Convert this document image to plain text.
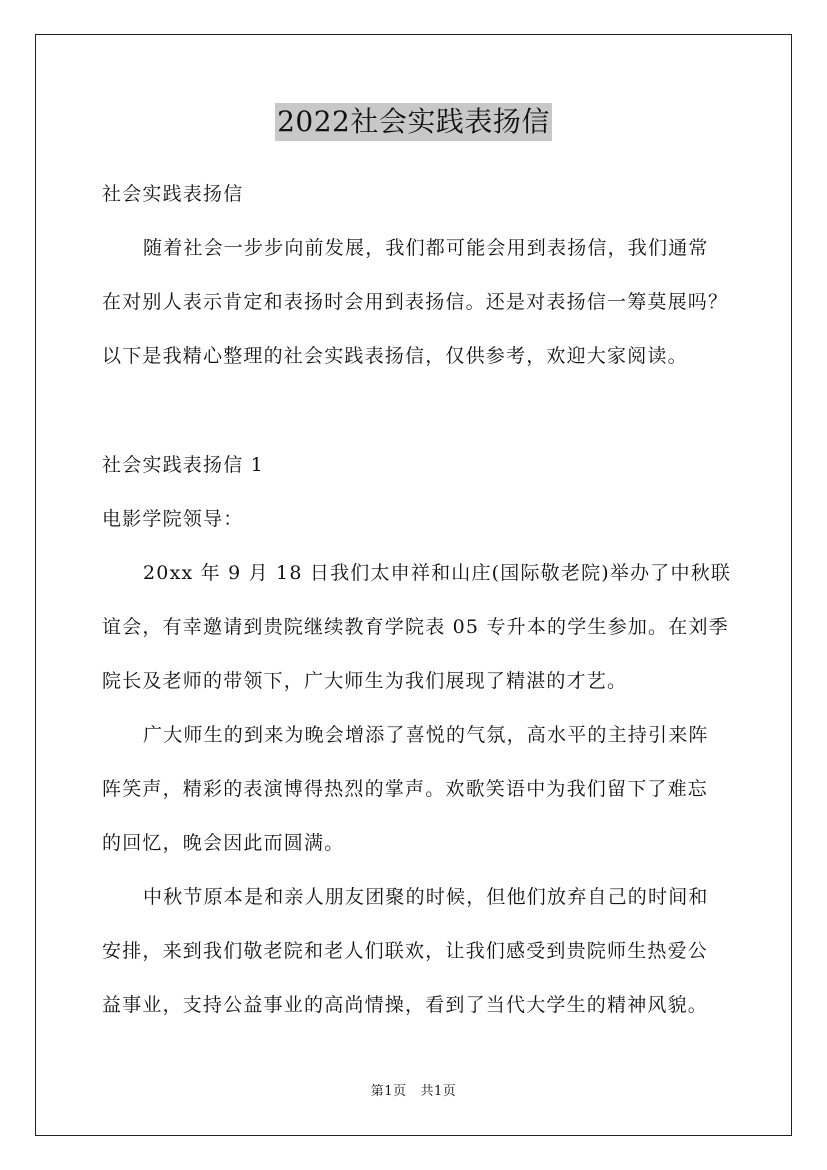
2022社会实践表扬信
社会实践表扬信
随着社会一步步向前发展，我们都可能会用到表扬信，我们通常
在对别人表示肯定和表扬时会用到表扬信。还是对表扬信一筹莫展吗？
以下是我精心整理的社会实践表扬信，仅供参考，欢迎大家阅读。
社会实践表扬信 1
电影学院领导：
20xx 年 9 月 18 日我们太申祥和山庄(国际敬老院)举办了中秋联
谊会，有幸邀请到贵院继续教育学院表 05 专升本的学生参加。在刘季
院长及老师的带领下，广大师生为我们展现了精湛的才艺。
广大师生的到来为晚会增添了喜悦的气氛，高水平的主持引来阵
阵笑声，精彩的表演博得热烈的掌声。欢歌笑语中为我们留下了难忘
的回忆，晚会因此而圆满。
中秋节原本是和亲人朋友团聚的时候，但他们放弃自己的时间和
安排，来到我们敬老院和老人们联欢，让我们感受到贵院师生热爱公
益事业，支持公益事业的高尚情操，看到了当代大学生的精神风貌。
第1页 共1页
